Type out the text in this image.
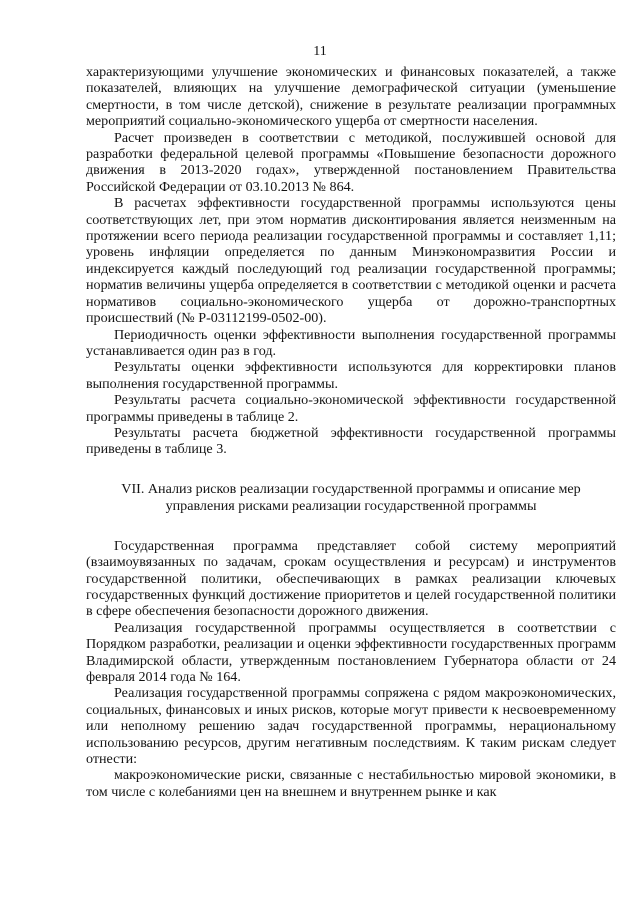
11

характеризующими улучшение экономических и финансовых показателей, а также показателей, влияющих на улучшение демографической ситуации (уменьшение смертности, в том числе детской), снижение в результате реализации программных мероприятий социально-экономического ущерба от смертности населения.

Расчет произведен в соответствии с методикой, послужившей основой для разработки федеральной целевой программы «Повышение безопасности дорожного движения в 2013-2020 годах», утвержденной постановлением Правительства Российской Федерации от 03.10.2013 № 864.

В расчетах эффективности государственной программы используются цены соответствующих лет, при этом норматив дисконтирования является неизменным на протяжении всего периода реализации государственной программы и составляет 1,11; уровень инфляции определяется по данным Минэкономразвития России и индексируется каждый последующий год реализации государственной программы; норматив величины ущерба определяется в соответствии с методикой оценки и расчета нормативов социально-экономического ущерба от дорожно-транспортных происшествий (№ Р-03112199-0502-00).

Периодичность оценки эффективности выполнения государственной программы устанавливается один раз в год.

Результаты оценки эффективности используются для корректировки планов выполнения государственной программы.

Результаты расчета социально-экономической эффективности государственной программы приведены в таблице 2.

Результаты расчета бюджетной эффективности государственной программы приведены в таблице 3.

VII. Анализ рисков реализации государственной программы и описание мер
управления рисками реализации государственной программы

Государственная программа представляет собой систему мероприятий (взаимоувязанных по задачам, срокам осуществления и ресурсам) и инструментов государственной политики, обеспечивающих в рамках реализации ключевых государственных функций достижение приоритетов и целей государственной политики в сфере обеспечения безопасности дорожного движения.

Реализация государственной программы осуществляется в соответствии с Порядком разработки, реализации и оценки эффективности государственных программ Владимирской области, утвержденным постановлением Губернатора области от 24 февраля 2014 года № 164.

Реализация государственной программы сопряжена с рядом макроэкономических, социальных, финансовых и иных рисков, которые могут привести к несвоевременному или неполному решению задач государственной программы, нерациональному использованию ресурсов, другим негативным последствиям. К таким рискам следует отнести:

макроэкономические риски, связанные с нестабильностью мировой экономики, в том числе с колебаниями цен на внешнем и внутреннем рынке и как
